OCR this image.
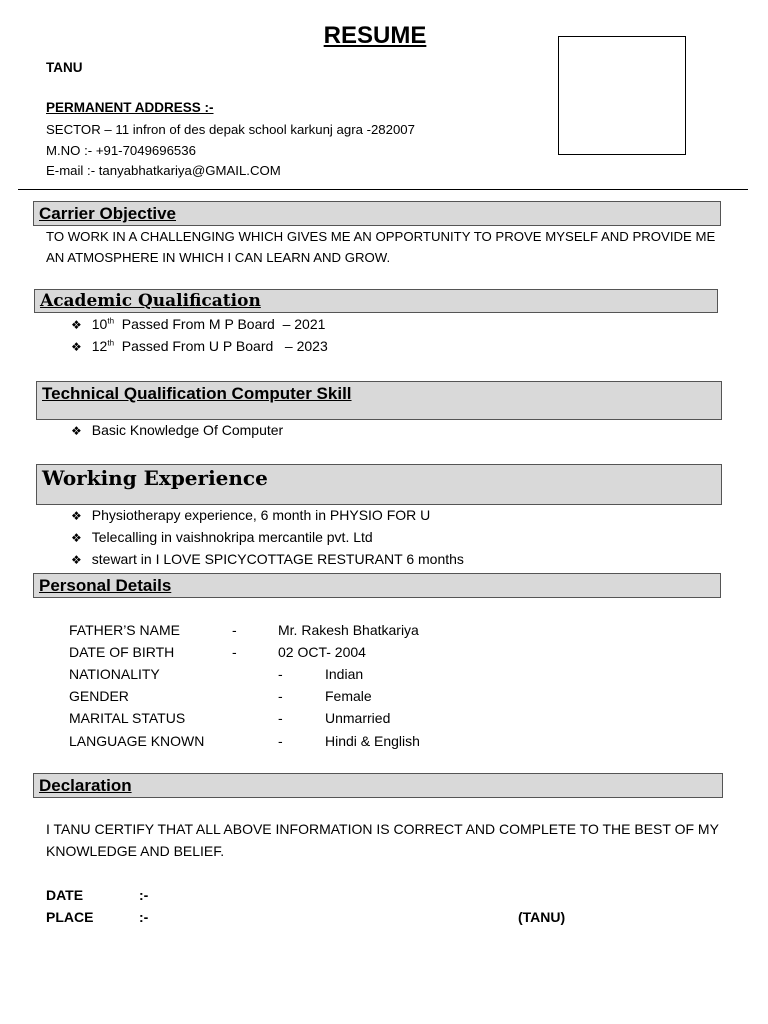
RESUME
TANU
PERMANENT ADDRESS :-
SECTOR – 11 infron of des depak school karkunj agra -282007
M.NO :- +91-7049696536
E-mail :- tanyabhatkariya@GMAIL.COM
Carrier Objective
TO WORK IN A CHALLENGING WHICH GIVES ME AN OPPORTUNITY TO PROVE MYSELF AND PROVIDE ME
AN ATMOSPHERE IN WHICH I CAN LEARN AND GROW.
Academic Qualification
❖ 10th  Passed From M P Board  – 2021
❖ 12th  Passed From U P Board   – 2023
Technical Qualification Computer Skill
❖ Basic Knowledge Of Computer
Working Experience
❖ Physiotherapy experience, 6 month in PHYSIO FOR U
❖ Telecalling in vaishnokripa mercantile pvt. Ltd
❖ stewart in I LOVE SPICYCOTTAGE RESTURANT 6 months
Personal Details
FATHER’S NAME	-	Mr. Rakesh Bhatkariya
DATE OF BIRTH	-	02 OCT- 2004
NATIONALITY	-	Indian
GENDER	-	Female
MARITAL STATUS	-	Unmarried
LANGUAGE KNOWN	-	Hindi & English
Declaration
I TANU CERTIFY THAT ALL ABOVE INFORMATION IS CORRECT AND COMPLETE TO THE BEST OF MY
KNOWLEDGE AND BELIEF.
DATE	:-
PLACE	:-	(TANU)
